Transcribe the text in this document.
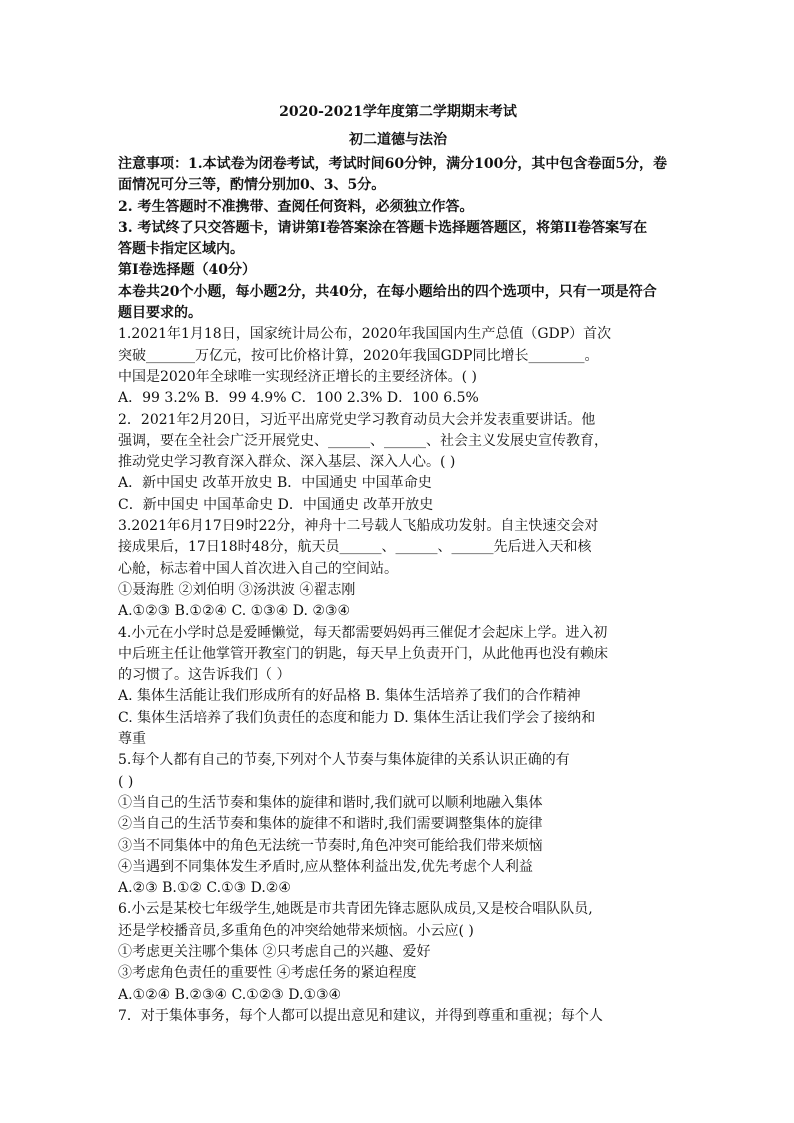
2020-2021学年度第二学期期末考试
初二道德与法治
注意事项：1.本试卷为闭卷考试，考试时间60分钟，满分100分，其中包含卷面5分，卷
面情况可分三等，酌情分别加0、3、5分。
2. 考生答题时不准携带、查阅任何资料，必须独立作答。
3. 考试终了只交答题卡，请讲第Ⅰ卷答案涂在答题卡选择题答题区，将第II卷答案写在
答题卡指定区域内。
第Ⅰ卷选择题（40分）
本卷共20个小题，每小题2分，共40分，在每小题给出的四个选项中，只有一项是符合
题目要求的。
1.2021年1月18日，国家统计局公布，2020年我国国内生产总值（GDP）首次
突破_______万亿元，按可比价格计算，2020年我国GDP同比增长________。
中国是2020年全球唯一实现经济正增长的主要经济体。( )
A．99 3.2% B．99 4.9% C．100 2.3% D．100 6.5%
2．2021年2月20日，习近平出席党史学习教育动员大会并发表重要讲话。他
强调，要在全社会广泛开展党史、______、______、社会主义发展史宣传教育，
推动党史学习教育深入群众、深入基层、深入人心。( )
A．新中国史 改革开放史 B．中国通史 中国革命史
C．新中国史 中国革命史 D．中国通史 改革开放史
3.2021年6月17日9时22分，神舟十二号载人飞船成功发射。自主快速交会对
接成果后，17日18时48分，航天员______、______、______先后进入天和核
心舱，标志着中国人首次进入自己的空间站。
①聂海胜 ②刘伯明 ③汤洪波 ④翟志刚
A.①②③ B.①②④ C. ①③④ D. ②③④
4.小元在小学时总是爱睡懒觉，每天都需要妈妈再三催促才会起床上学。进入初
中后班主任让他掌管开教室门的钥匙，每天早上负责开门，从此他再也没有赖床
的习惯了。这告诉我们（ ）
A. 集体生活能让我们形成所有的好品格 B. 集体生活培养了我们的合作精神
C. 集体生活培养了我们负责任的态度和能力 D. 集体生活让我们学会了接纳和
尊重
5.每个人都有自己的节奏,下列对个人节奏与集体旋律的关系认识正确的有
( )
①当自己的生活节奏和集体的旋律和谐时,我们就可以顺利地融入集体
②当自己的生活节奏和集体的旋律不和谐时,我们需要调整集体的旋律
③当不同集体中的角色无法统一节奏时,角色冲突可能给我们带来烦恼
④当遇到不同集体发生矛盾时,应从整体利益出发,优先考虑个人利益
A.②③ B.①② C.①③ D.②④
6.小云是某校七年级学生,她既是市共青团先锋志愿队成员,又是校合唱队队员,
还是学校播音员,多重角色的冲突给她带来烦恼。小云应( )
①考虑更关注哪个集体 ②只考虑自己的兴趣、爱好
③考虑角色责任的重要性 ④考虑任务的紧迫程度
A.①②④ B.②③④ C.①②③ D.①③④
7．对于集体事务，每个人都可以提出意见和建议，并得到尊重和重视；每个人
